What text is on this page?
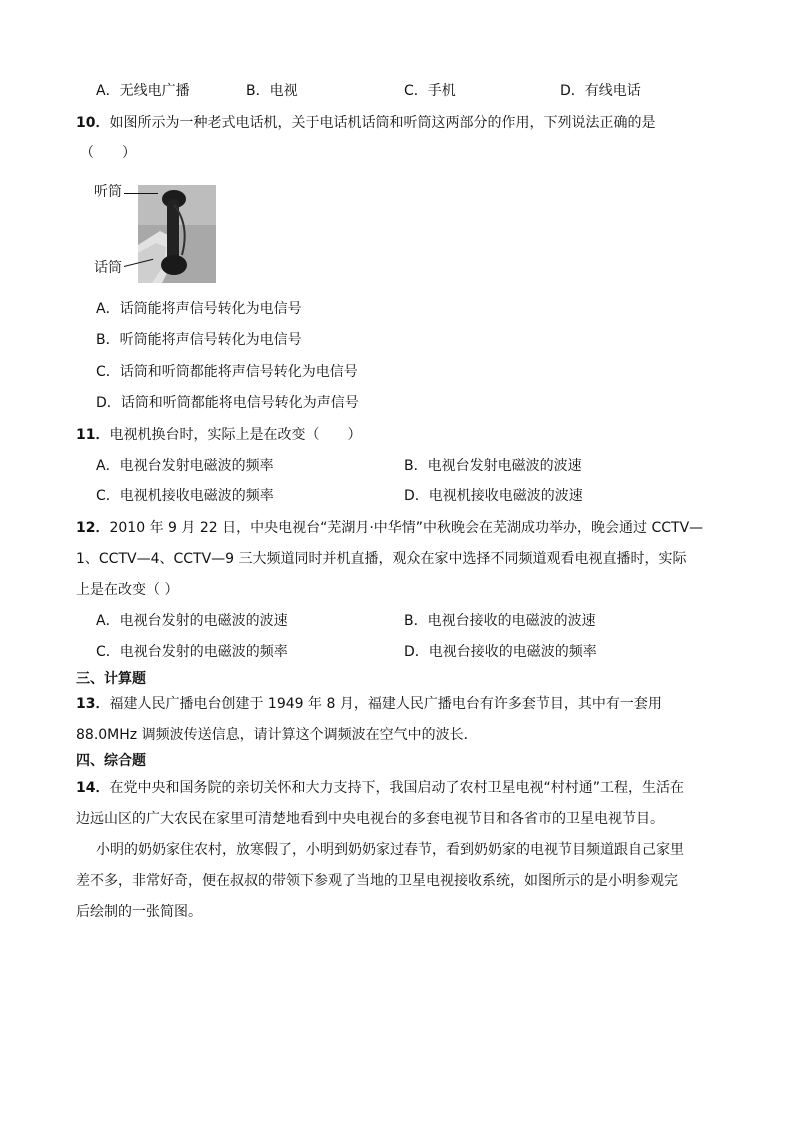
A．无线电广播	B．电视	C．手机	D．有线电话
10．如图所示为一种老式电话机，关于电话机话筒和听筒这两部分的作用，下列说法正确的是
（　　）
听筒
话筒
A．话筒能将声信号转化为电信号
B．听筒能将声信号转化为电信号
C．话筒和听筒都能将声信号转化为电信号
D．话筒和听筒都能将电信号转化为声信号
11．电视机换台时，实际上是在改变（　　）
A．电视台发射电磁波的频率	B．电视台发射电磁波的波速
C．电视机接收电磁波的频率	D．电视机接收电磁波的波速
12．2010 年 9 月 22 日，中央电视台“芜湖月·中华情”中秋晚会在芜湖成功举办，晚会通过 CCTV—
1、CCTV—4、CCTV—9 三大频道同时并机直播，观众在家中选择不同频道观看电视直播时，实际
上是在改变（ ）
A．电视台发射的电磁波的波速	B．电视台接收的电磁波的波速
C．电视台发射的电磁波的频率	D．电视台接收的电磁波的频率
三、计算题
13．福建人民广播电台创建于 1949 年 8 月，福建人民广播电台有许多套节目，其中有一套用
88.0MHz 调频波传送信息，请计算这个调频波在空气中的波长．
四、综合题
14．在党中央和国务院的亲切关怀和大力支持下，我国启动了农村卫星电视“村村通”工程，生活在
边远山区的广大农民在家里可清楚地看到中央电视台的多套电视节目和各省市的卫星电视节目。
小明的奶奶家住农村，放寒假了，小明到奶奶家过春节，看到奶奶家的电视节目频道跟自己家里
差不多，非常好奇，便在叔叔的带领下参观了当地的卫星电视接收系统，如图所示的是小明参观完
后绘制的一张简图。
